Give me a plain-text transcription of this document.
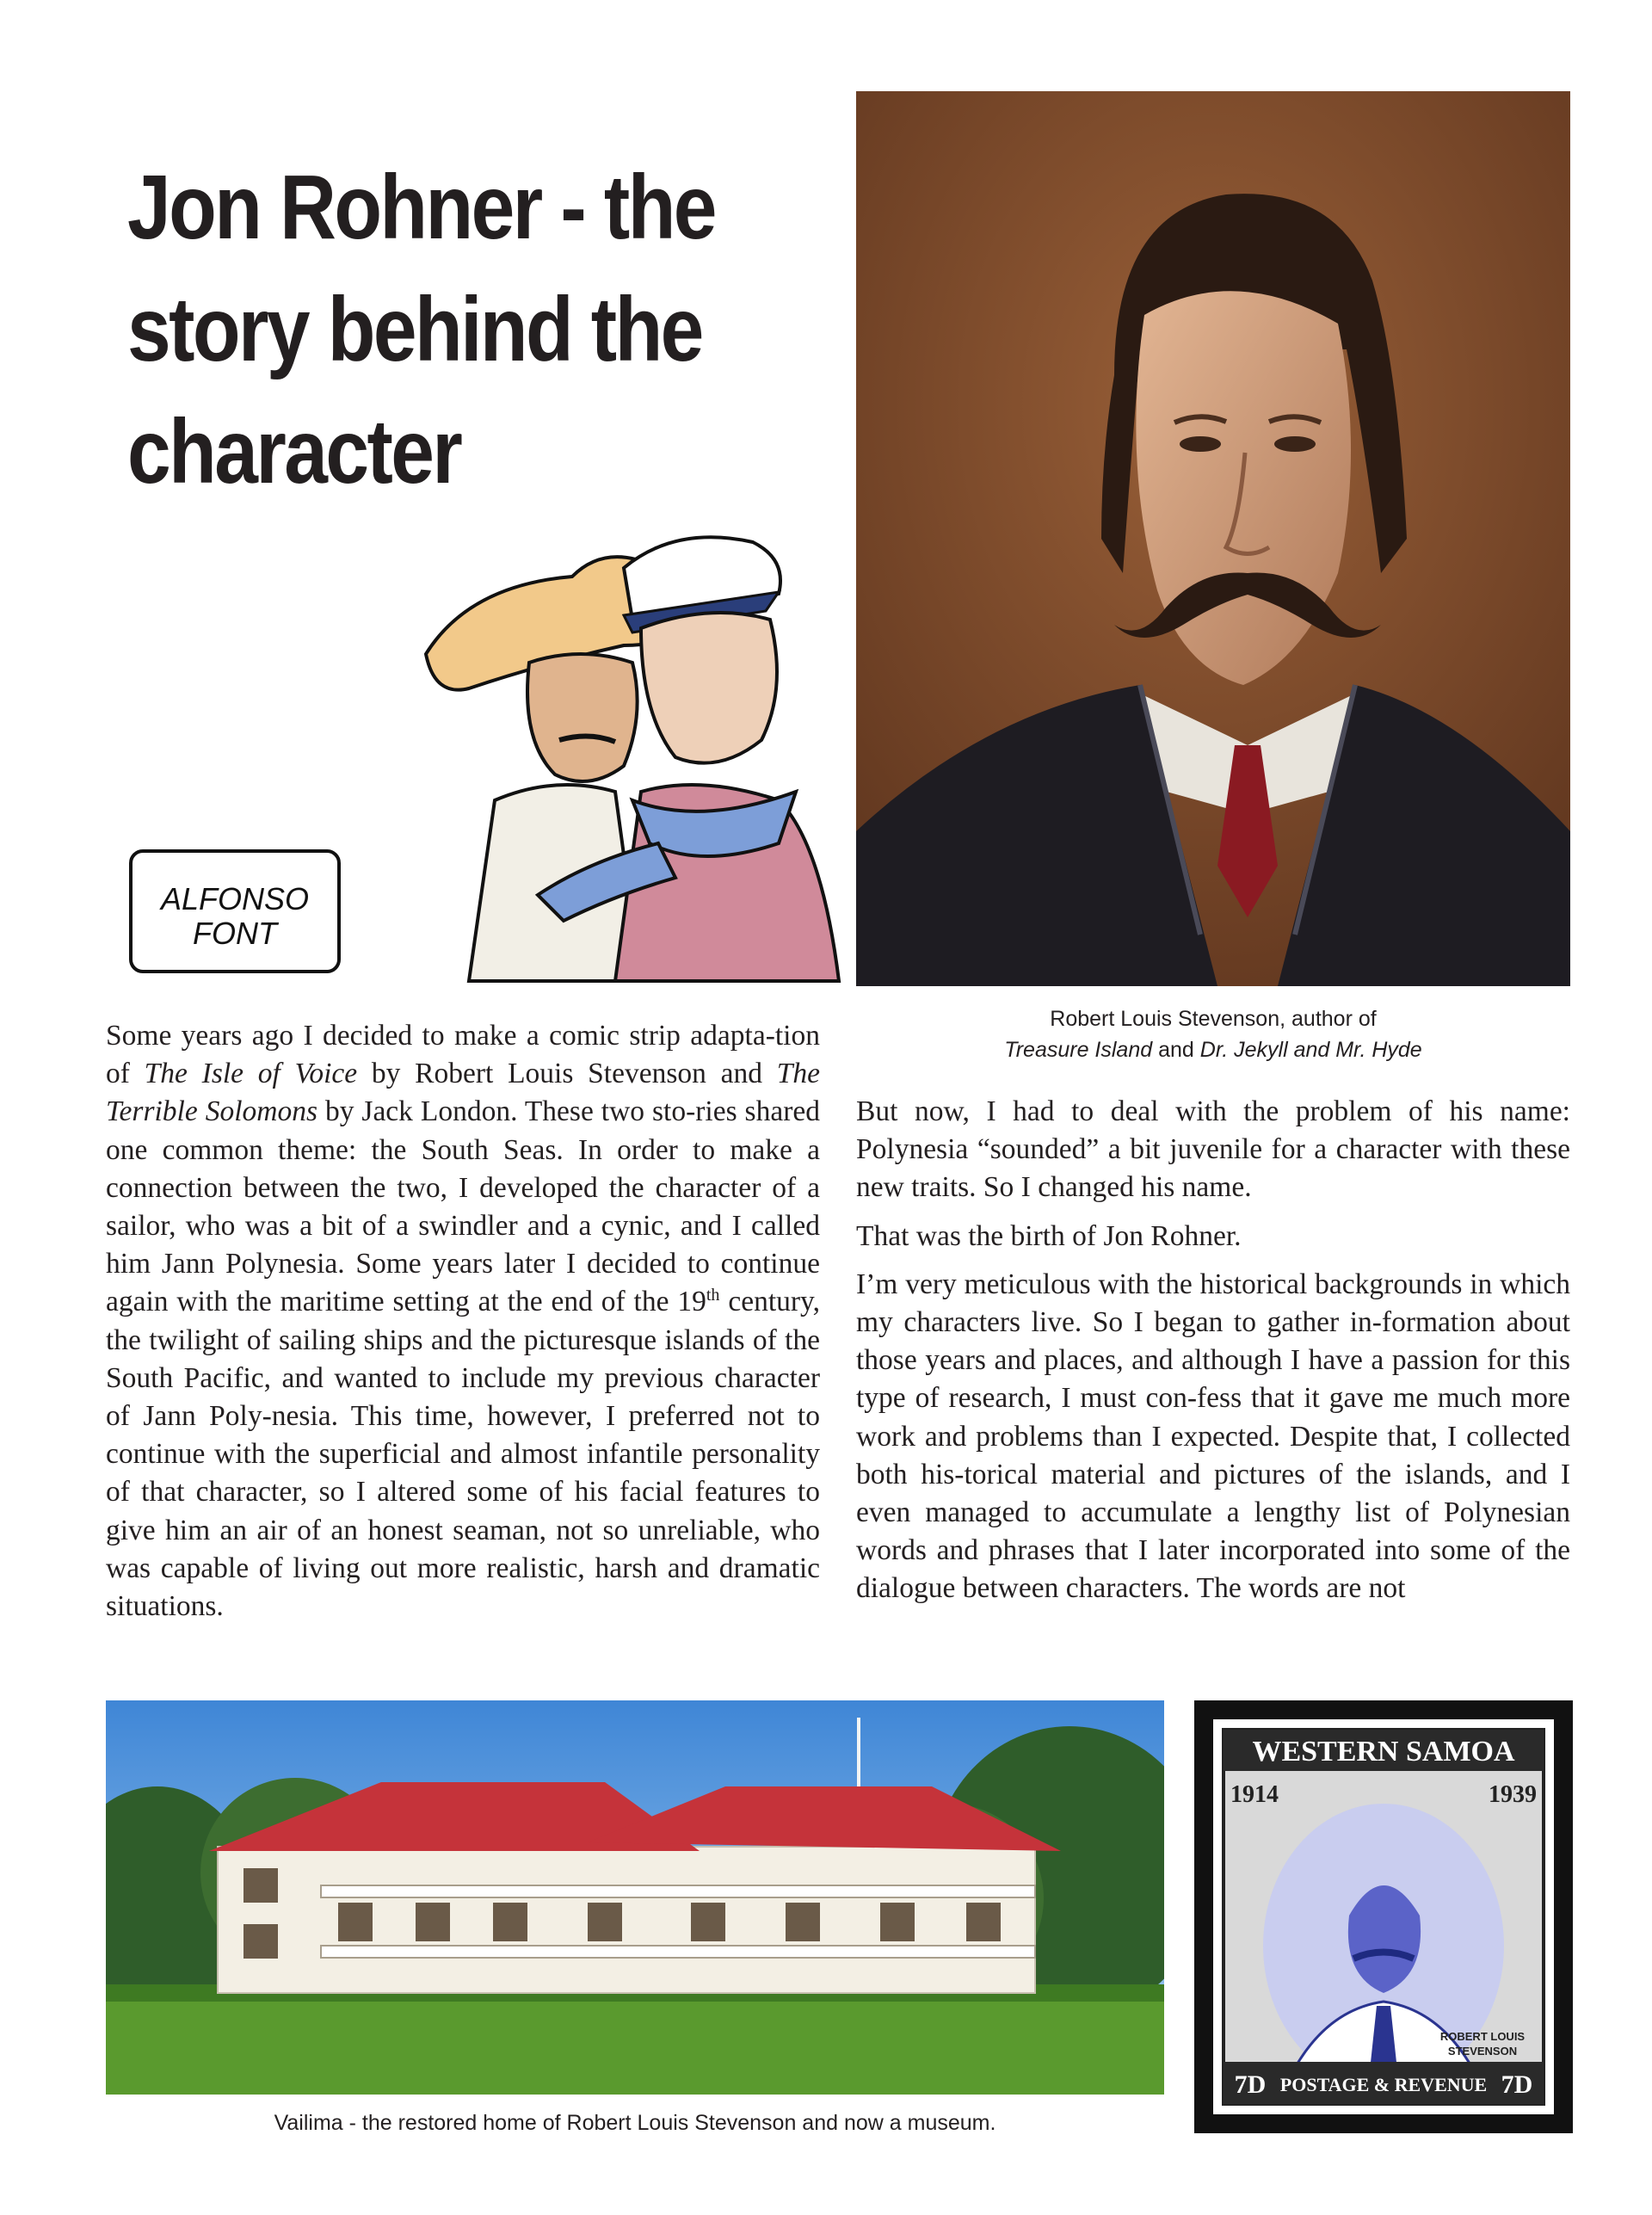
Jon Rohner - the
story behind the
character
ALFONSO
FONT
Robert Louis Stevenson, author of
Treasure Island and Dr. Jekyll and Mr. Hyde

Some years ago I decided to make a comic strip adapta-tion of The Isle of Voice by Robert Louis Stevenson and The Terrible Solomons by Jack London. These two sto-ries shared one common theme: the South Seas. In order to make a connection between the two, I developed the character of a sailor, who was a bit of a swindler and a cynic, and I called him Jann Polynesia. Some years later I decided to continue again with the maritime setting at the end of the 19th century, the twilight of sailing ships and the picturesque islands of the South Pacific, and wanted to include my previous character of Jann Poly-nesia. This time, however, I preferred not to continue with the superficial and almost infantile personality of that character, so I altered some of his facial features to give him an air of an honest seaman, not so unreliable, who was capable of living out more realistic, harsh and dramatic situations.

But now, I had to deal with the problem of his name: Polynesia “sounded” a bit juvenile for a character with these new traits. So I changed his name.

That was the birth of Jon Rohner.

I’m very meticulous with the historical backgrounds in which my characters live. So I began to gather in-formation about those years and places, and although I have a passion for this type of research, I must con-fess that it gave me much more work and problems than I expected. Despite that, I collected both his-torical material and pictures of the islands, and I even managed to accumulate a lengthy list of Polynesian words and phrases that I later incorporated into some of the dialogue between characters. The words are not

Vailima - the restored home of Robert Louis Stevenson and now a museum.
WESTERN SAMOA
1914	1939
ROBERT LOUIS
STEVENSON
7D	7D
POSTAGE & REVENUE
